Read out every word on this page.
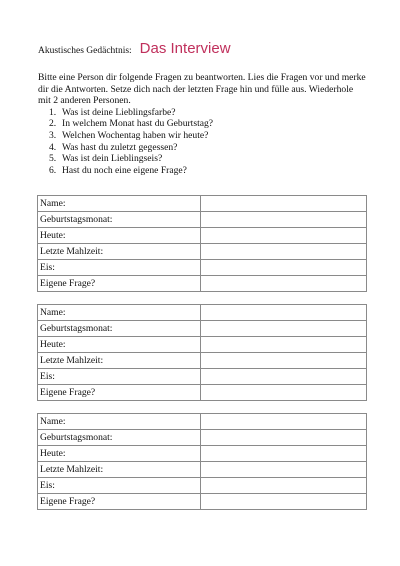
Akustisches Gedächtnis: Das Interview

Bitte eine Person dir folgende Fragen zu beantworten. Lies die Fragen vor und merke dir die Antworten. Setze dich nach der letzten Frage hin und fülle aus. Wiederhole mit 2 anderen Personen.

1. Was ist deine Lieblingsfarbe?
2. In welchem Monat hast du Geburtstag?
3. Welchen Wochentag haben wir heute?
4. Was hast du zuletzt gegessen?
5. Was ist dein Lieblingseis?
6. Hast du noch eine eigene Frage?
Name:	
Geburtstagsmonat:	
Heute:	
Letzte Mahlzeit:	
Eis:	
Eigene Frage?	
Name:	
Geburtstagsmonat:	
Heute:	
Letzte Mahlzeit:	
Eis:	
Eigene Frage?	
Name:	
Geburtstagsmonat:	
Heute:	
Letzte Mahlzeit:	
Eis:	
Eigene Frage?	
